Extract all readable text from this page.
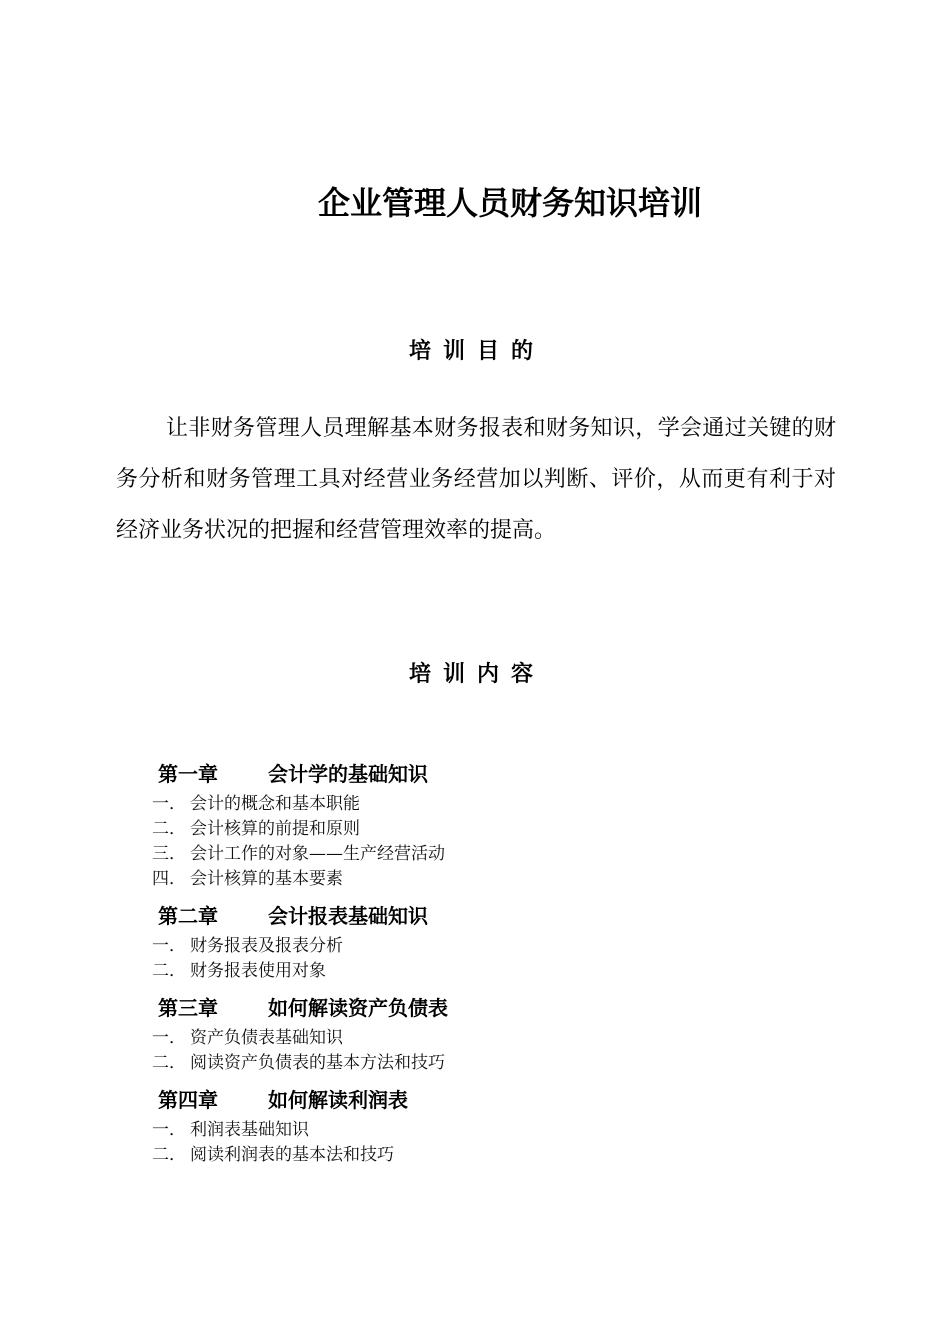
企业管理人员财务知识培训
培训目的

让非财务管理人员理解基本财务报表和财务知识，学会通过关键的财务分析和财务管理工具对经营业务经营加以判断、评价，从而更有利于对经济业务状况的把握和经营管理效率的提高。

培训内容
第一章	会计学的基础知识
一． 会计的概念和基本职能
二． 会计核算的前提和原则
三． 会计工作的对象——生产经营活动
四． 会计核算的基本要素
第二章	会计报表基础知识
一． 财务报表及报表分析
二． 财务报表使用对象
第三章	如何解读资产负债表
一． 资产负债表基础知识
二． 阅读资产负债表的基本方法和技巧
第四章	如何解读利润表
一． 利润表基础知识
二． 阅读利润表的基本法和技巧
